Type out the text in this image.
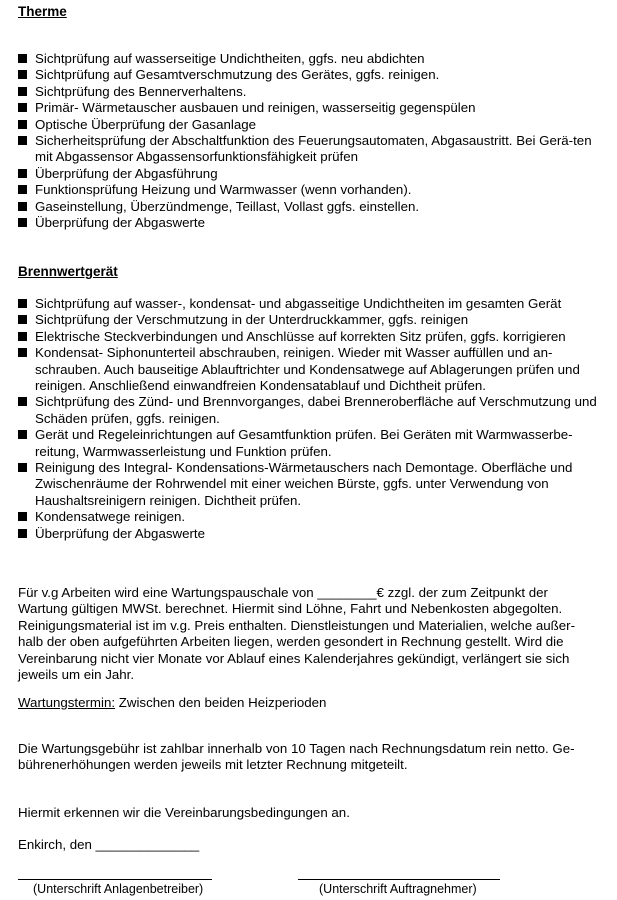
Therme
Sichtprüfung auf wasserseitige Undichtheiten, ggfs. neu abdichten
Sichtprüfung auf Gesamtverschmutzung des Gerätes, ggfs. reinigen.
Sichtprüfung des Bennerverhaltens.
Primär- Wärmetauscher ausbauen und reinigen, wasserseitig gegenspülen
Optische Überprüfung der Gasanlage
Sicherheitsprüfung der Abschaltfunktion des Feuerungsautomaten, Abgasaustritt. Bei Gerä-ten mit Abgassensor Abgassensorfunktionsfähigkeit prüfen
Überprüfung der Abgasführung
Funktionsprüfung Heizung und Warmwasser (wenn vorhanden).
Gaseinstellung, Überzündmenge, Teillast, Vollast ggfs. einstellen.
Überprüfung der Abgaswerte
Brennwertgerät
Sichtprüfung auf wasser-, kondensat- und abgasseitige Undichtheiten im gesamten Gerät
Sichtprüfung der Verschmutzung in der Unterdruckkammer, ggfs. reinigen
Elektrische Steckverbindungen und Anschlüsse auf korrekten Sitz prüfen, ggfs. korrigieren
Kondensat- Siphonunterteil abschrauben, reinigen. Wieder mit Wasser auffüllen und an-schrauben. Auch bauseitige Ablauftrichter und Kondensatwege auf Ablagerungen prüfen und reinigen. Anschließend einwandfreien Kondensatablauf und Dichtheit prüfen.
Sichtprüfung des Zünd- und Brennvorganges, dabei Brenneroberfläche auf Verschmutzung und Schäden prüfen, ggfs. reinigen.
Gerät und Regeleinrichtungen auf Gesamtfunktion prüfen. Bei Geräten mit Warmwasserbe-reitung, Warmwasserleistung und Funktion prüfen.
Reinigung des Integral- Kondensations-Wärmetauschers nach Demontage. Oberfläche und Zwischenräume der Rohrwendel mit einer weichen Bürste, ggfs. unter Verwendung von Haushaltsreinigern reinigen. Dichtheit prüfen.
Kondensatwege reinigen.
Überprüfung der Abgaswerte
Für v.g Arbeiten wird eine Wartungspauschale von ________€ zzgl. der zum Zeitpunkt der Wartung gültigen MWSt. berechnet. Hiermit sind Löhne, Fahrt und Nebenkosten abgegolten. Reinigungsmaterial ist im v.g. Preis enthalten. Dienstleistungen und Materialien, welche außer-halb der oben aufgeführten Arbeiten liegen, werden gesondert in Rechnung gestellt. Wird die Vereinbarung nicht vier Monate vor Ablauf eines Kalenderjahres gekündigt, verlängert sie sich jeweils um ein Jahr.
Wartungstermin: Zwischen den beiden Heizperioden
Die Wartungsgebühr ist zahlbar innerhalb von 10 Tagen nach Rechnungsdatum rein netto. Ge-bührenerhöhungen werden jeweils mit letzter Rechnung mitgeteilt.
Hiermit erkennen wir die Vereinbarungsbedingungen an.
Enkirch, den ______________
(Unterschrift Anlagenbetreiber)	(Unterschrift Auftragnehmer)
